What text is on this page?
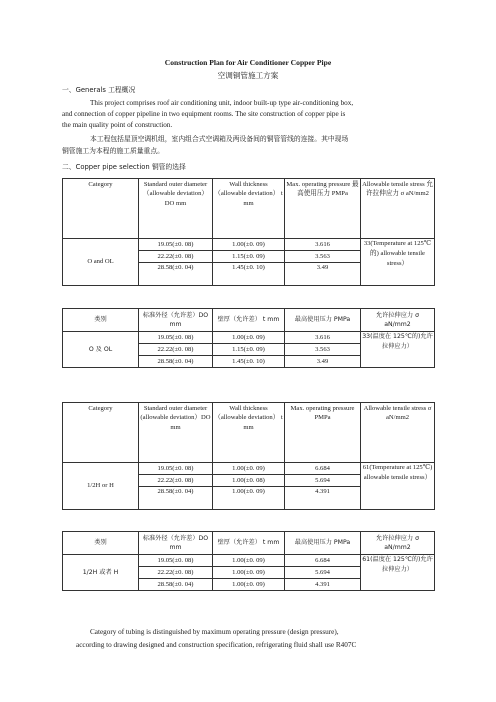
Construction Plan for Air Conditioner Copper Pipe
空调铜管施工方案
一、Generals 工程概况
This project comprises roof air conditioning unit, indoor built-up type air-conditioning box,
and connection of copper pipeline in two equipment rooms. The site construction of copper pipe is
the main quality point of construction.
本工程包括屋顶空调机组，室内组合式空调箱及两设备间的铜管管线的连接。其中现场
铜管施工为本程的施工质量重点。
二、Copper pipe selection 铜管的选择
Category	Standard outer diameter （allowable deviation）DO mm	Wall thickness （allowable deviation） t mm	Max. operating pressure 最高使用压力 PMPa	Allowable tensile stress 允许拉伸应力 σ aN/mm2
O and OL	19.05(±0. 08)	1.00(±0. 09)	3.616	33(Temperature at 125℃的) allowable tensile stress）
	22.22(±0. 08)	1.15(±0. 09)	3.563	
	28.58(±0. 04)	1.45(±0. 10)	3.49	
类别	标准外径（允许差）DO mm	壁厚（允许差） t mm	最高使用压力 PMPa	允许拉伸应力 σ aN/mm2
O 及 OL	19.05(±0. 08)	1.00(±0. 09)	3.616	33(温度在 125℃的)允许拉伸应力）
	22.22(±0. 08)	1.15(±0. 09)	3.563	
	28.58(±0. 04)	1.45(±0. 10)	3.49	
Category	Standard outer diameter (allowable deviation）DO mm	Wall thickness （allowable deviation） t mm	Max. operating pressure PMPa	Allowable tensile stress σ aN/mm2
1/2H or H	19.05(±0. 08)	1.00(±0. 09)	6.684	61(Temperature at 125℃) allowable tensile stress）
	22.22(±0. 08)	1.00(±0. 08)	5.694	
	28.58(±0. 04)	1.00(±0. 09)	4.391	
类别	标准外径（允许差）DO mm	壁厚（允许差） t mm	最高使用压力 PMPa	允许拉伸应力 σ aN/mm2
1/2H 或者 H	19.05(±0. 08)	1.00(±0. 09)	6.684	61(温度在 125℃的)允许拉伸应力）
	22.22(±0. 08)	1.00(±0. 09)	5.694	
	28.58(±0. 04)	1.00(±0. 09)	4.391	
Category of tubing is distinguished by maximum operating pressure (design pressure),
according to drawing designed and construction specification, refrigerating fluid shall use R407C
